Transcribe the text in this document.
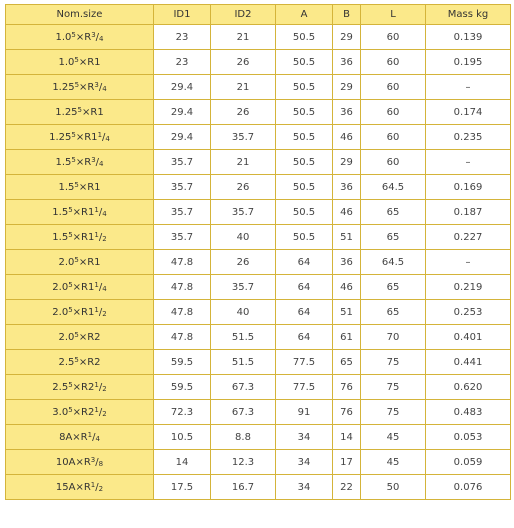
Nom.size	ID1	ID2	A	B	L	Mass kg
$1.0^5\times R^3/_4$	23	21	50.5	29	60	0.139
$1.0^5\times R1$	23	26	50.5	36	60	0.195
$1.25^5\times R^3/_4$	29.4	21	50.5	29	60	–
$1.25^5\times R1$	29.4	26	50.5	36	60	0.174
$1.25^5\times R1^1/_4$	29.4	35.7	50.5	46	60	0.235
$1.5^5\times R^3/_4$	35.7	21	50.5	29	60	–
$1.5^5\times R1$	35.7	26	50.5	36	64.5	0.169
$1.5^5\times R1^1/_4$	35.7	35.7	50.5	46	65	0.187
$1.5^5\times R1^1/_2$	35.7	40	50.5	51	65	0.227
$2.0^5\times R1$	47.8	26	64	36	64.5	–
$2.0^5\times R1^1/_4$	47.8	35.7	64	46	65	0.219
$2.0^5\times R1^1/_2$	47.8	40	64	51	65	0.253
$2.0^5\times R2$	47.8	51.5	64	61	70	0.401
$2.5^5\times R2$	59.5	51.5	77.5	65	75	0.441
$2.5^5\times R2^1/_2$	59.5	67.3	77.5	76	75	0.620
$3.0^5\times R2^1/_2$	72.3	67.3	91	76	75	0.483
$8A\times R^1/_4$	10.5	8.8	34	14	45	0.053
$10A\times R^3/_8$	14	12.3	34	17	45	0.059
$15A\times R^1/_2$	17.5	16.7	34	22	50	0.076
